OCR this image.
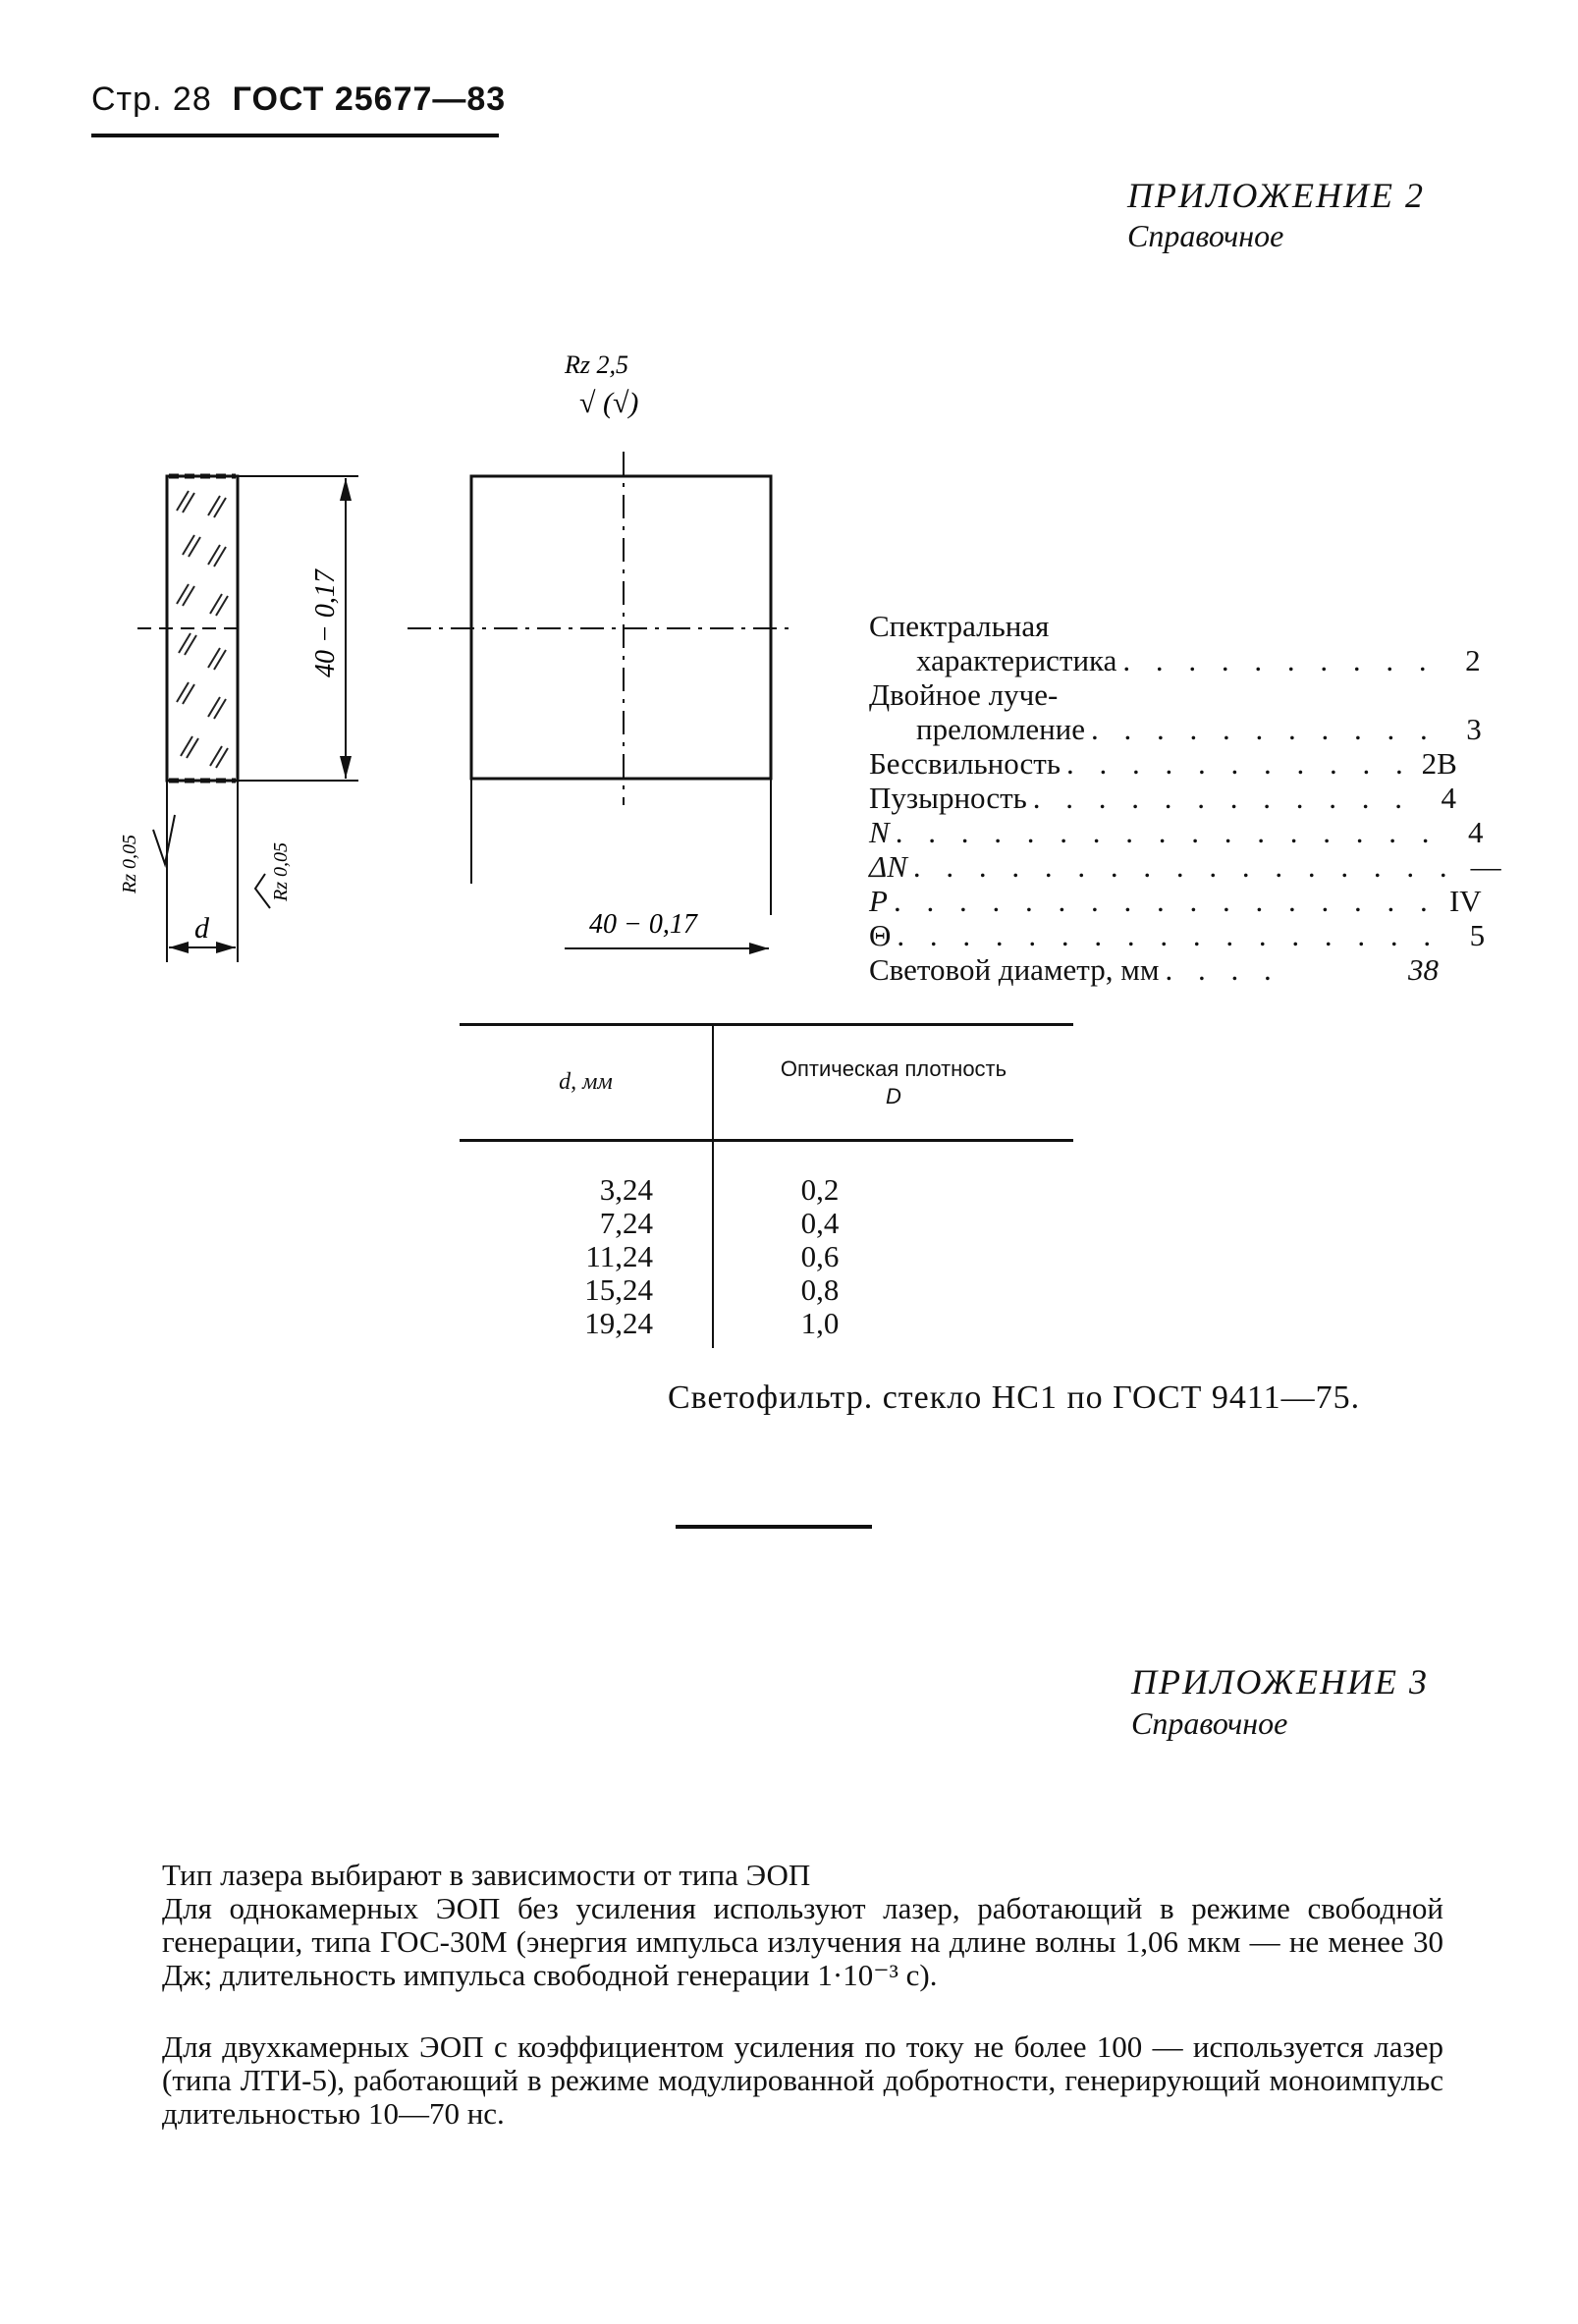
Стр. 28 ГОСТ 25677—83
ПРИЛОЖЕНИЕ 2
Справочное
40 − 0,17
d
Rz 0,05	Rz 0,05
40 − 0,17
Rz 2,5
√ (√)
Спектральная
характеристика . . . . . . . . . . 2
Двойное луче-
преломление . . . . . . . . . . . 3
Бессвильность . . . . . . . . . . . 2В
Пузырность . . . . . . . . . . . . 4
N . . . . . . . . . . . . . . . . . 4
ΔN . . . . . . . . . . . . . . . . . —
P . . . . . . . . . . . . . . . . . IV
Θ . . . . . . . . . . . . . . . . . 5
Световой диаметр, мм . . . .	38
d, мм
Оптическая плотность
D
3,24
7,24
11,24
15,24
19,24
0,2
0,4
0,6
0,8
1,0
Светофильтр. стекло НС1 по ГОСТ 9411—75.
ПРИЛОЖЕНИЕ 3
Справочное
Тип лазера выбирают в зависимости от типа ЭОП
Для однокамерных ЭОП без усиления используют лазер, работающий в режиме свободной генерации, типа ГОС-30М (энергия импульса излучения на длине волны 1,06 мкм — не менее 30 Дж; длительность импульса свободной генерации 1·10⁻³ с).
Для двухкамерных ЭОП с коэффициентом усиления по току не более 100 — используется лазер (типа ЛТИ-5), работающий в режиме модулированной добротности, генерирующий моноимпульс длительностью 10—70 нс.
